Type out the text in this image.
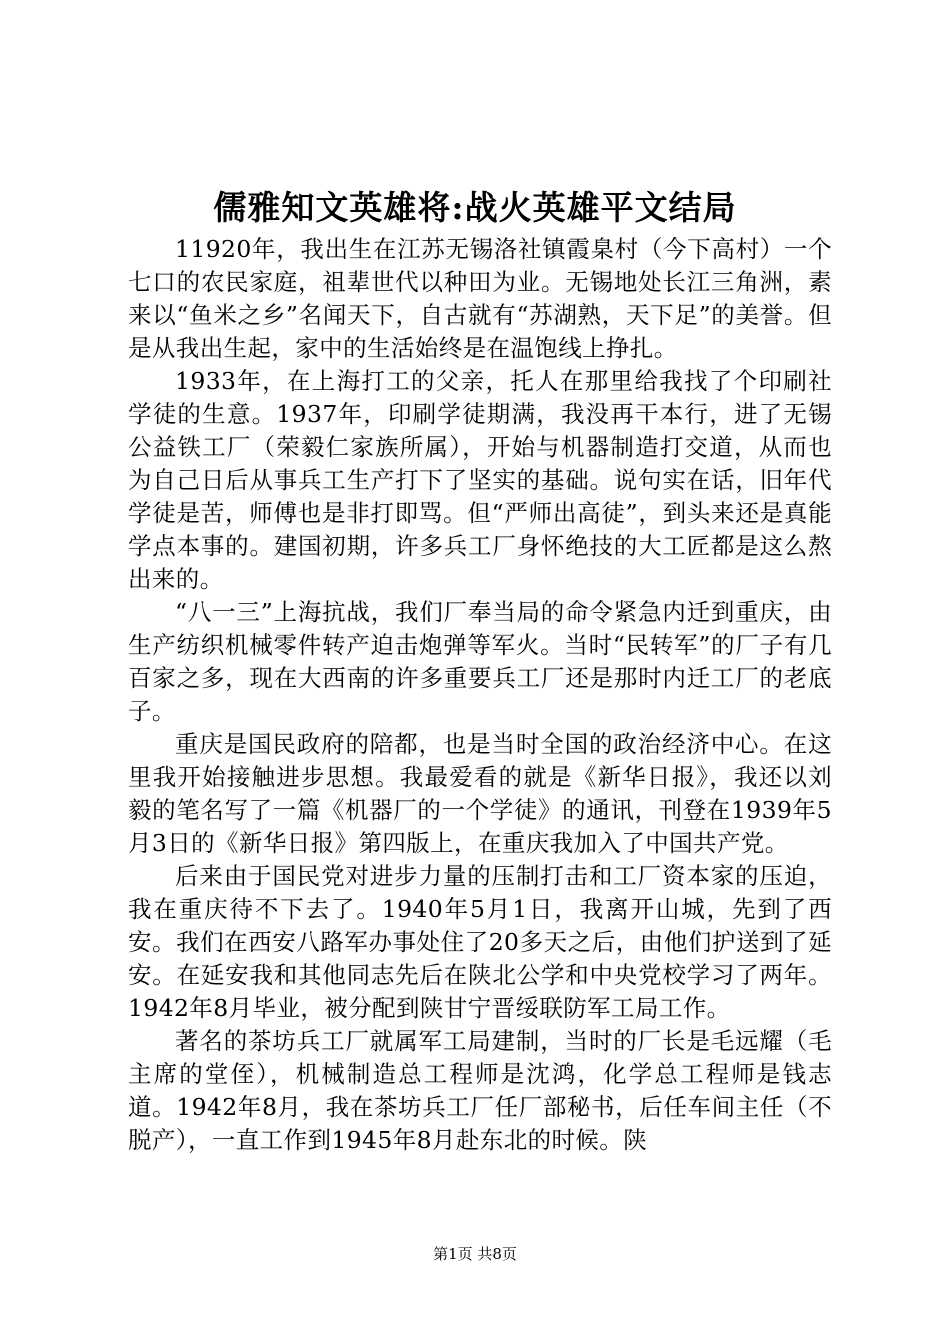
儒雅知文英雄将:战火英雄平文结局

11920年，我出生在江苏无锡洛社镇霞臬村（今下高村）一个七口的农民家庭，祖辈世代以种田为业。无锡地处长江三角洲，素来以“鱼米之乡”名闻天下，自古就有“苏湖熟，天下足”的美誉。但是从我出生起，家中的生活始终是在温饱线上挣扎。

1933年，在上海打工的父亲，托人在那里给我找了个印刷社学徒的生意。1937年，印刷学徒期满，我没再干本行，进了无锡公益铁工厂（荣毅仁家族所属），开始与机器制造打交道，从而也为自己日后从事兵工生产打下了坚实的基础。说句实在话，旧年代学徒是苦，师傅也是非打即骂。但“严师出高徒”，到头来还是真能学点本事的。建国初期，许多兵工厂身怀绝技的大工匠都是这么熬出来的。

“八一三”上海抗战，我们厂奉当局的命令紧急内迁到重庆，由生产纺织机械零件转产迫击炮弹等军火。当时“民转军”的厂子有几百家之多，现在大西南的许多重要兵工厂还是那时内迁工厂的老底子。

重庆是国民政府的陪都，也是当时全国的政治经济中心。在这里我开始接触进步思想。我最爱看的就是《新华日报》，我还以刘毅的笔名写了一篇《机器厂的一个学徒》的通讯，刊登在1939年5月3日的《新华日报》第四版上，在重庆我加入了中国共产党。

后来由于国民党对进步力量的压制打击和工厂资本家的压迫，我在重庆待不下去了。1940年5月1日，我离开山城，先到了西安。我们在西安八路军办事处住了20多天之后，由他们护送到了延安。在延安我和其他同志先后在陕北公学和中央党校学习了两年。1942年8月毕业，被分配到陕甘宁晋绥联防军工局工作。

著名的茶坊兵工厂就属军工局建制，当时的厂长是毛远耀（毛主席的堂侄），机械制造总工程师是沈鸿，化学总工程师是钱志道。1942年8月，我在茶坊兵工厂任厂部秘书，后任车间主任（不脱产），一直工作到1945年8月赴东北的时候。陕

第1页 共8页
